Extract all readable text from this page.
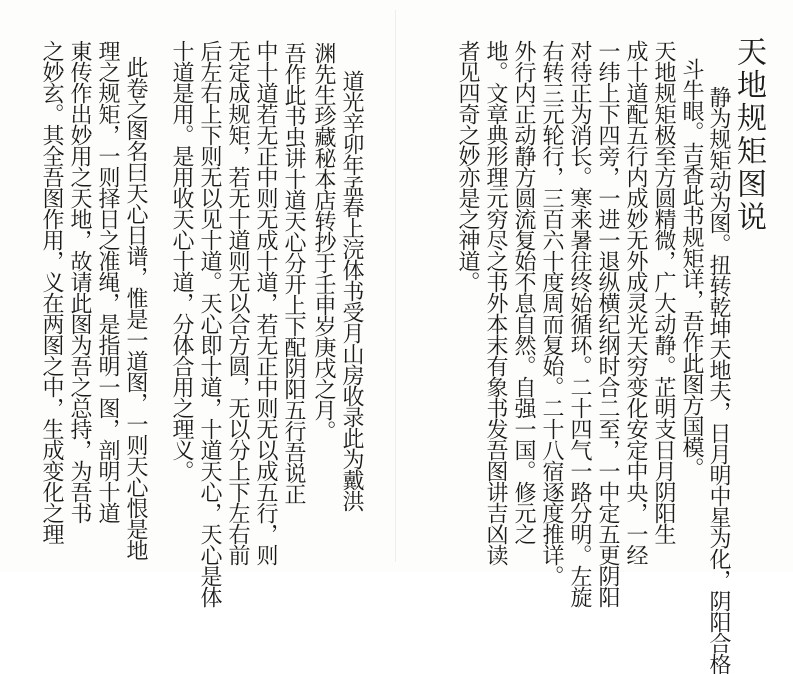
天地规矩图说
静为规矩动为图。扭转乾坤天地夫，日月明中星为化，阴阳合格
斗牛眼。吉香此书规矩详，吾作此图方国模。
天地规矩极至方圆精微，广大动静。芷明支日月阴阳生
成十道配五行内成妙无外成灵光天穷变化安定中央，一经
一纬上下四旁，一进一退纵横纪纲时合二至，一中定五更阴阳
对待正为消长。寒来暑往终始循环。二十四气一路分明。左旋
右转三元轮行，三百六十度周而复始。二十八宿逐度推详。
外行内正动静方圆流复始不息自然。自强一国。修元之
地。文章典形理元穷尽之书外本末有象书发吾图讲吉凶读
者见四奇之妙亦是之神道。
道光辛卯年孟春上浣体书受月山房收录此为戴洪
渊先生珍藏秘本店转抄于壬申岁庚戌之月。
吾作此书虫讲十道天心分开上下配阴阳五行吾说正
中十道若无正中则无成十道，若无正中则无以成五行，则
无定成规矩，若无十道则无以合方圆，无以分上下左右前
后左右上下则无以见十道。天心即十道，十道天心，天心是体
十道是用。是用收天心十道，分体合用之理义。
此卷之图名曰天心日谱，惟是一道图，一则天心恨是地
理之规矩，一则择日之准绳，是指明一图，剖明十道
東传作出妙用之天地，故请此图为吾之总持，为吾书
之妙玄。其全吾图作用，义在两图之中，生成变化之理
